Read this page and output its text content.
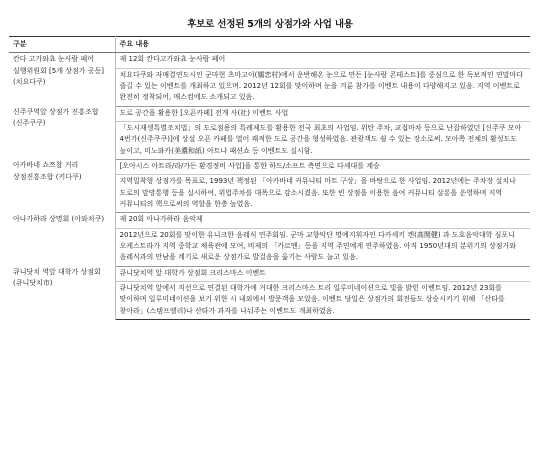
후보로 선정된 5개의 상점가와 사업 내용
구분	주요 내용
칸다 고가와쵸 눈사람 페어 실행위원회 [5개 상점가 공동] (치요다쿠)	제 12회 칸다고가와쵸 눈사람 페어
	치요다쿠와 자매결연도시인 군마현 츠마고이(嬬恋村)에서 운반해온 눈으로 만든 [눈사람 콘테스트]를 중심으로 한 독보적인 연말마다 즐길 수 있는 이벤트를 개최하고 있으며. 2012년 12회를 맞이하며 눈을 겨룬 참가를 이벤트 내용이 다양해지고 있음. 지역 이벤트로 완전히 정착되어, 매스컴에도 소개되고 있음.
신주쿠역앞 상점가 진흥조합 (신주쿠쿠)	도로 공간을 활용한 [오픈카페] 전개 사(社) 이벤트 사업
	「도시재생특별조치법」의 도로점용의 특례제도를 활용한 전국 최초의 사업임. 위탄 주차, 교접마차 등으로 난잡하였던 [신주쿠 모아 4번가(신주쿠쿠)]에 상설 오픈 카페를 열어 쾌적한 도로 공간을 형성하였음. 관광객도 쉴 수 있는 장소로써. 모아쪽 전체의 활성도도 높이고, 미노와카(美濃和紙) 아트나 패션쇼 등 이벤트도 실시함.
아카바네 쇼쯔찰 거리 상점진흥조합 (키다쿠)	[오아시스 아트라/라/가든 환경정비 사업]을 통한 하드/소프트 측면으로 다세대를 계승
	지역밀착형 상점가를 목표로, 1993년 책정된 「아카바네 커뮤니티 마트 구상」을 바탕으로 한 사업임. 2012년에는 주차장 설치나 도로의 말망통행 등을 실시하여, 위법주차를 대폭으로 감소시켰음. 또한 빈 상점을 이용한 음여 커뮤니티 살롱을 운영하며 지역 커뮤니티의 핵으로써의 역할을 한층 높였음.
아나가하라 상명회 (아와치쿠)	제 20회 아나가하라 음악제
	2012년으로 20회를 맞이한 유니크한 음레식 연주회임. 군마 교향악단 명예지휘자인 다카세키 켄(高関健) 과 도호음악대학 심포니 오케스트라가 지역 중학교 체육관에 모여, 비제의 「카르멘」등을 지역 주민에게 연주하였음. 아직 1950년대의 분위기의 상점가와 음레식과의 만남을 계기로 새로운 상점가로 발걸음을 옮기는 사람도 늘고 있음.
큐니닷치 역앞 대학가 상점회 (큐니닷치市)	큐니닷치역 앞 대학가 상점회 크리스마스 이벤트
	큐니닷치역 앞에서 직선으로 연결된 대학가에 거대한 크리스마스 트리 일루미네이션으로 빛을 밝힌 이벤트임. 2012년 23회를 맞이하며 일루미네이션을 보기 위한 시 내외에서 방문객을 모았음. 이벤트 당일은 상점가의 회전들도 상승시키기 위해 「산타를 찾아라」(스템프랠리)나 산타가 과자를 나눠주는 이벤트도 개최하였음.
